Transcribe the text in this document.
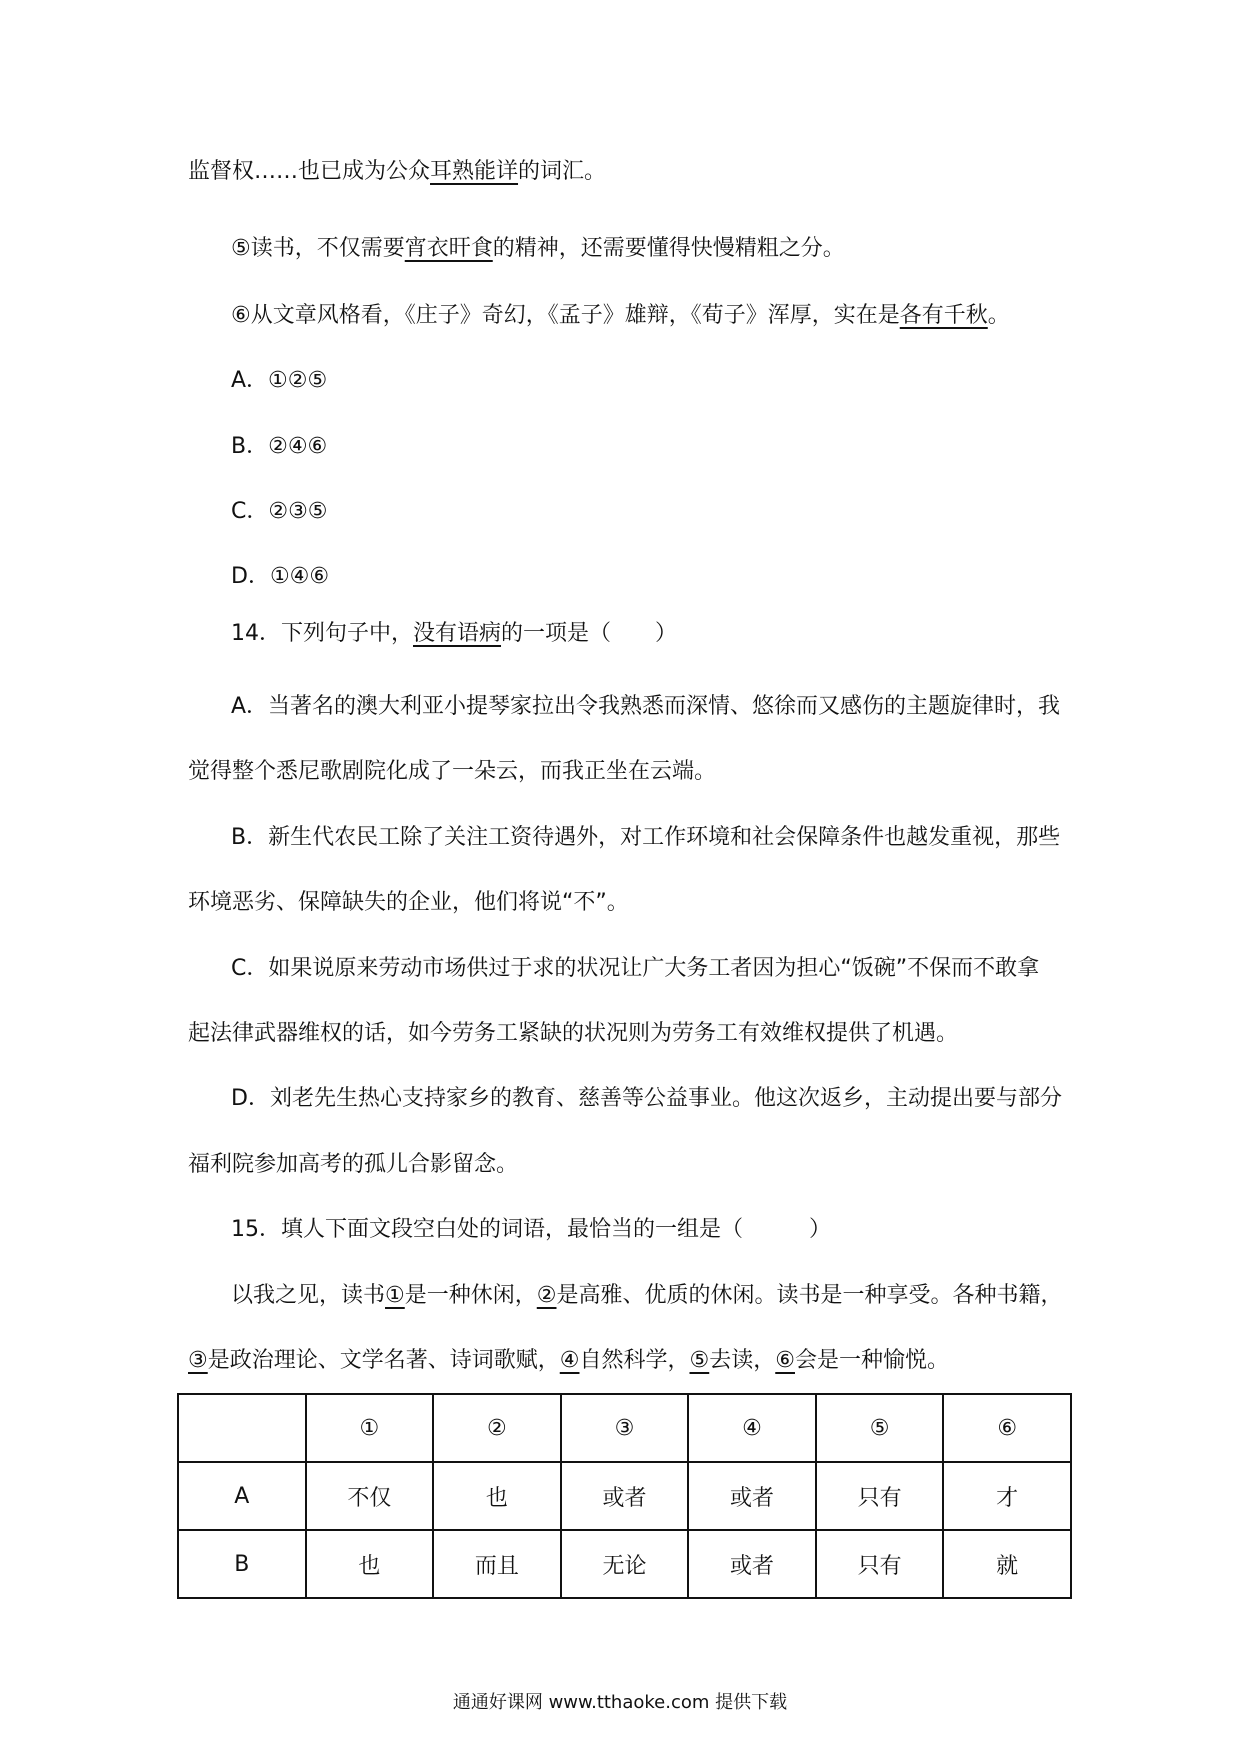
监督权……也已成为公众耳熟能详的词汇。
⑤读书，不仅需要宵衣旰食的精神，还需要懂得快慢精粗之分。
⑥从文章风格看，《庄子》奇幻，《孟子》雄辩，《荀子》浑厚，实在是各有千秋。
A．①②⑤
B．②④⑥
C．②③⑤
D．①④⑥
14．下列句子中，没有语病的一项是（　　）
A．当著名的澳大利亚小提琴家拉出令我熟悉而深情、悠徐而又感伤的主题旋律时，我
觉得整个悉尼歌剧院化成了一朵云，而我正坐在云端。
B．新生代农民工除了关注工资待遇外，对工作环境和社会保障条件也越发重视，那些
环境恶劣、保障缺失的企业，他们将说“不”。
C．如果说原来劳动市场供过于求的状况让广大务工者因为担心“饭碗”不保而不敢拿
起法律武器维权的话，如今劳务工紧缺的状况则为劳务工有效维权提供了机遇。
D．刘老先生热心支持家乡的教育、慈善等公益事业。他这次返乡，主动提出要与部分
福利院参加高考的孤儿合影留念。
15．填人下面文段空白处的词语，最恰当的一组是（　　　）
以我之见，读书①是一种休闲，②是高雅、优质的休闲。读书是一种享受。各种书籍，
③是政治理论、文学名著、诗词歌赋，④自然科学，⑤去读，⑥会是一种愉悦。
	①	②	③	④	⑤	⑥
A	不仅	也	或者	或者	只有	才
B	也	而且	无论	或者	只有	就
通通好课网 www.tthaoke.com 提供下载
